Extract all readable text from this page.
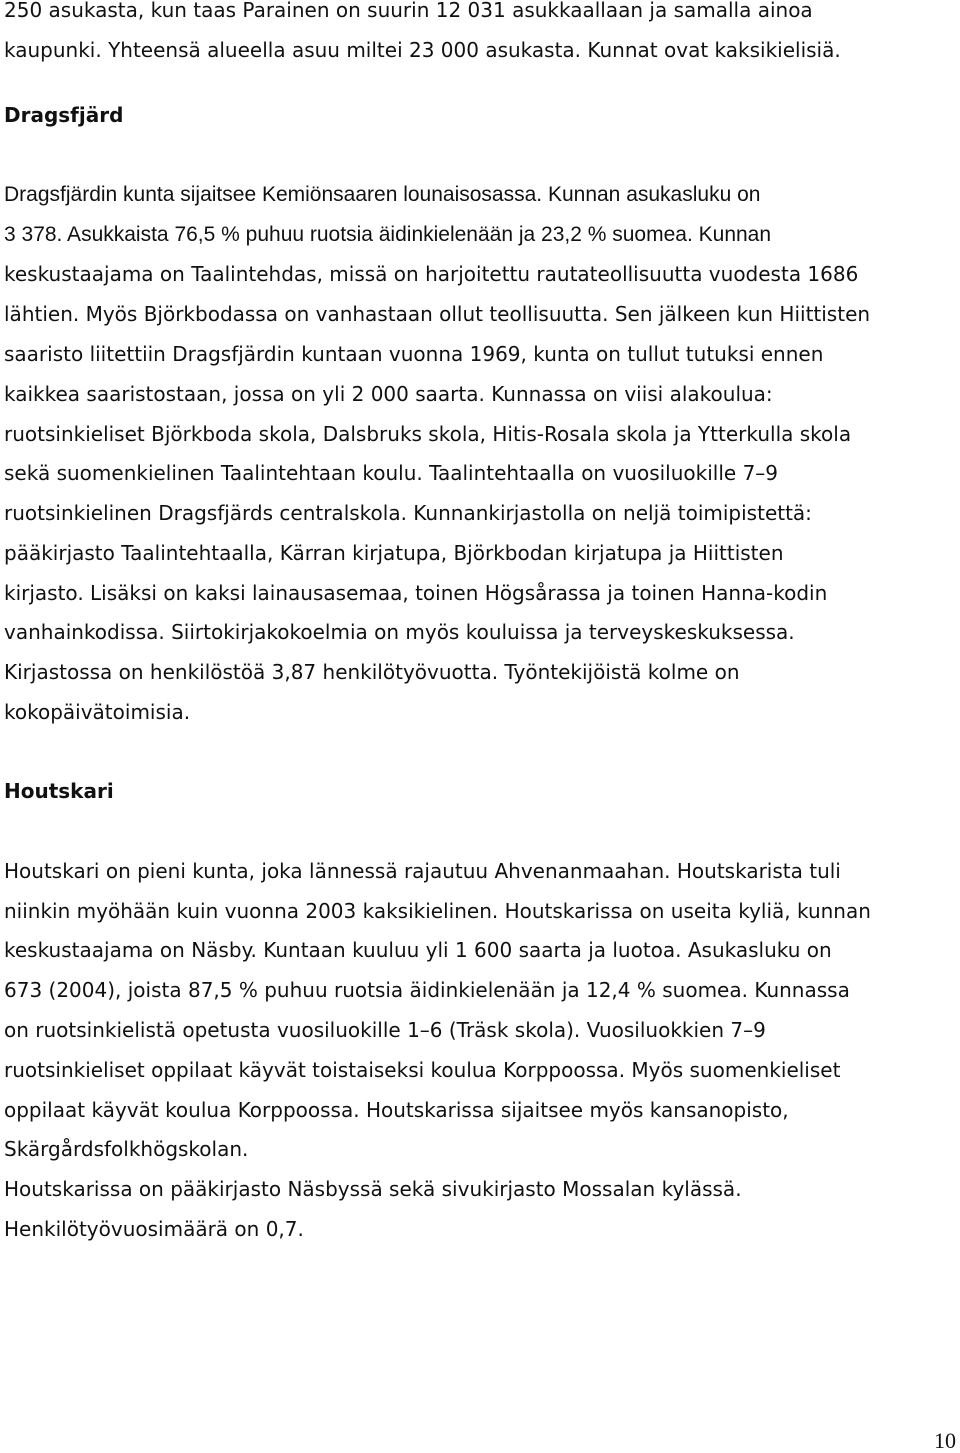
250 asukasta, kun taas Parainen on suurin 12 031 asukkaallaan ja samalla ainoa
kaupunki. Yhteensä alueella asuu miltei 23 000 asukasta. Kunnat ovat kaksikielisiä.
Dragsfjärd
Dragsfjärdin kunta sijaitsee Kemiönsaaren lounaisosassa. Kunnan asukasluku on
3 378. Asukkaista 76,5 % puhuu ruotsia äidinkielenään ja 23,2 % suomea. Kunnan
keskustaajama on Taalintehdas, missä on harjoitettu rautateollisuutta vuodesta 1686
lähtien. Myös Björkbodassa on vanhastaan ollut teollisuutta. Sen jälkeen kun Hiittisten
saaristo liitettiin Dragsfjärdin kuntaan vuonna 1969, kunta on tullut tutuksi ennen
kaikkea saaristostaan, jossa on yli 2 000 saarta. Kunnassa on viisi alakoulua:
ruotsinkieliset Björkboda skola, Dalsbruks skola, Hitis-Rosala skola ja Ytterkulla skola
sekä suomenkielinen Taalintehtaan koulu. Taalintehtaalla on vuosiluokille 7–9
ruotsinkielinen Dragsfjärds centralskola. Kunnankirjastolla on neljä toimipistettä:
pääkirjasto Taalintehtaalla, Kärran kirjatupa, Björkbodan kirjatupa ja Hiittisten
kirjasto. Lisäksi on kaksi lainausasemaa, toinen Högsårassa ja toinen Hanna-kodin
vanhainkodissa. Siirtokirjakokoelmia on myös kouluissa ja terveyskeskuksessa.
Kirjastossa on henkilöstöä 3,87 henkilötyövuotta. Työntekijöistä kolme on
kokopäivätoimisia.
Houtskari
Houtskari on pieni kunta, joka lännessä rajautuu Ahvenanmaahan. Houtskarista tuli
niinkin myöhään kuin vuonna 2003 kaksikielinen. Houtskarissa on useita kyliä, kunnan
keskustaajama on Näsby. Kuntaan kuuluu yli 1 600 saarta ja luotoa. Asukasluku on
673 (2004), joista 87,5 % puhuu ruotsia äidinkielenään ja 12,4 % suomea. Kunnassa
on ruotsinkielistä opetusta vuosiluokille 1–6 (Träsk skola). Vuosiluokkien 7–9
ruotsinkieliset oppilaat käyvät toistaiseksi koulua Korppoossa. Myös suomenkieliset
oppilaat käyvät koulua Korppoossa. Houtskarissa sijaitsee myös kansanopisto,
Skärgårdsfolkhögskolan.
Houtskarissa on pääkirjasto Näsbyssä sekä sivukirjasto Mossalan kylässä.
Henkilötyövuosimäärä on 0,7.
10
